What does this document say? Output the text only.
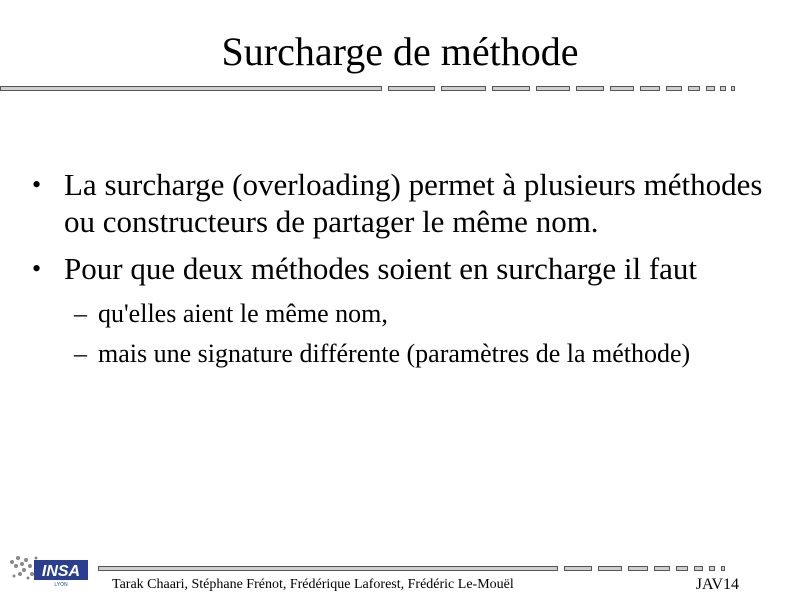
Surcharge de méthode
• La surcharge (overloading) permet à plusieurs méthodes ou constructeurs de partager le même nom.
• Pour que deux méthodes soient en surcharge il faut
– qu'elles aient le même nom,
– mais une signature différente (paramètres de la méthode)
INSA
LYON	Tarak Chaari, Stéphane Frénot, Frédérique Laforest, Frédéric Le-Mouël	JAV14
